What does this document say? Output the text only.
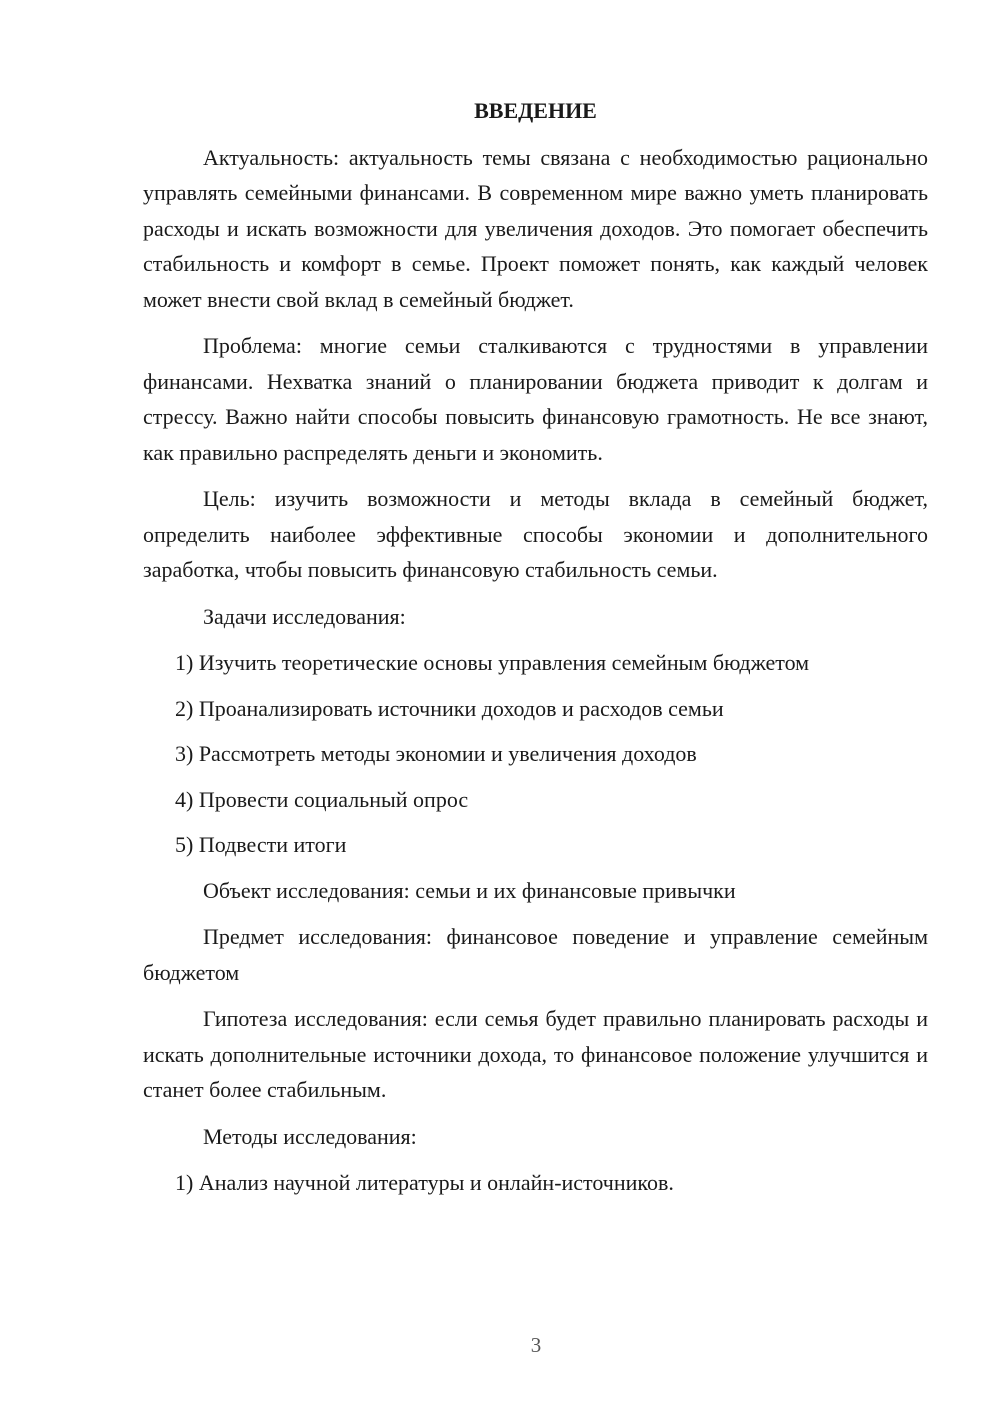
ВВЕДЕНИЕ

Актуальность: актуальность темы связана с необходимостью рационально управлять семейными финансами. В современном мире важно уметь планировать расходы и искать возможности для увеличения доходов. Это помогает обеспечить стабильность и комфорт в семье. Проект поможет понять, как каждый человек может внести свой вклад в семейный бюджет.

Проблема: многие семьи сталкиваются с трудностями в управлении финансами. Нехватка знаний о планировании бюджета приводит к долгам и стрессу. Важно найти способы повысить финансовую грамотность. Не все знают, как правильно распределять деньги и экономить.

Цель: изучить возможности и методы вклада в семейный бюджет, определить наиболее эффективные способы экономии и дополнительного заработка, чтобы повысить финансовую стабильность семьи.

Задачи исследования:

1) Изучить теоретические основы управления семейным бюджетом

2) Проанализировать источники доходов и расходов семьи

3) Рассмотреть методы экономии и увеличения доходов

4) Провести социальный опрос

5) Подвести итоги

Объект исследования: семьи и их финансовые привычки

Предмет исследования: финансовое поведение и управление семейным бюджетом

Гипотеза исследования: если семья будет правильно планировать расходы и искать дополнительные источники дохода, то финансовое положение улучшится и станет более стабильным.

Методы исследования:

1) Анализ научной литературы и онлайн-источников.

3
